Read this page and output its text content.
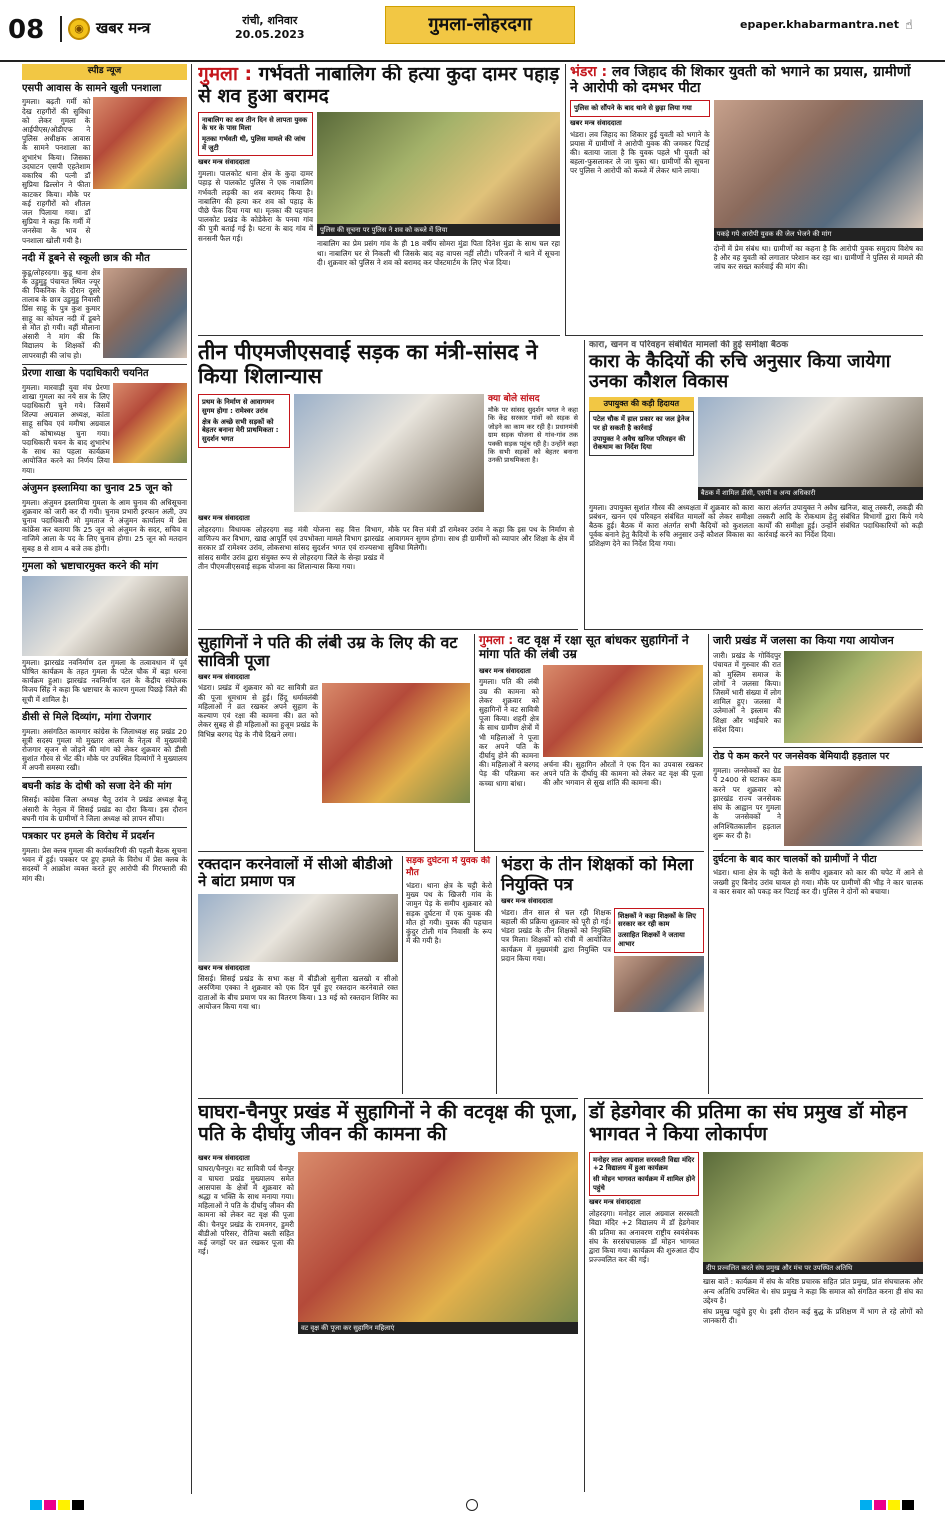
08	◉ खबर मन्त्र	रांची, शनिवार
20.05.2023	गुमला-लोहरदगा	epaper.khabarmantra.net ☝
स्पीड न्यूज
एसपी आवास के सामने खुली पनशाला
गुमला। बढ़ती गर्मी को देख राहगीरों की सुविधा को लेकर गुमला के आईपीएस/ओडीएफ ने पुलिस अधीक्षक आवास के सामने पनशाला का शुभारंभ किया। जिसका उदघाटन एसपी एहतेशाम वकारिब की पत्नी डॉ सुप्रिया ढिल्लोन ने फीता काटकर किया। मौके पर कई राहगीरों को शीतल जल पिलाया गया। डॉ सुप्रिया ने कहा कि गर्मी में जनसेवा के भाव से पनशाला खोली गयी है।
नदी में डूबने से स्कूली छात्र की मौत
कुडू/लोहरदगा। कुडू थाना क्षेत्र के उडुमुडु पंचायत स्थित ज्यूर की पिकनिक के दौरान दूसरे तालाब के छात्र उडुमुडु निवासी प्रिंस साहू के पुत्र कुश कुमार साहू का कोयल नदी में डूबने से मौत हो गयी। वहीं मौलाना अंसारी ने मांग की कि विद्यालय के शिक्षकों की लापरवाही की जांच हो।
प्रेरणा शाखा के पदाधिकारी चयनित
गुमला। मारवाड़ी युवा मंच प्रेरणा शाखा गुमला का नये सत्र के लिए पदाधिकारी चुने गये। जिसमें शिल्पा अग्रवाल अध्यक्ष, कांता साहू सचिव एवं ममीषा अग्रवाल को कोषाध्यक्ष चुना गया। पदाधिकारी चयन के बाद शुभारंभ के साथ का पहला कार्यक्रम आयोजित करने का निर्णय लिया गया।
अंजुमन इस्लामिया का चुनाव 25 जून को
गुमला। अंजुमन इस्लामिया गुमला के आम चुनाव की अधिसूचना शुक्रवार को जारी कर दी गयी। चुनाव प्रभारी इरफान अली, उप चुनाव पदाधिकारी मो मुमताज ने अंजुमन कार्यालय में प्रेस कांफ्रेंस कर बताया कि 25 जून को अंजुमन के सदर, सचिव व नाजिमे आला के पद के लिए चुनाव होगा। 25 जून को मतदान सुबह 8 से शाम 4 बजे तक होगी।
गुमला को भ्रष्टाचारमुक्त करने की मांग
गुमला। झारखंड नवनिर्माण दल गुमला के तत्वावधान में पूर्व घोषित कार्यक्रम के तहत गुमला के पटेल चौक में बड़ा धरना कार्यक्रम हुआ। झारखंड नवनिर्माण दल के केंद्रीय संयोजक विजय सिंह ने कहा कि भ्रष्टाचार के कारण गुमला पिछड़े जिले की सूची में शामिल है।
डीसी से मिले दिव्यांग, मांगा रोजगार
गुमला। असंगठित कामगार कांग्रेस के जिलाध्यक्ष सह प्रखंड 20 सूत्री सदस्य गुमला मो मुख्तार आलम के नेतृत्व में मुख्यमंत्री रोजगार सृजन से जोड़ने की मांग को लेकर शुक्रवार को डीसी सुशांत गौरव से भेंट की। मौके पर उपस्थित दिव्यांगों ने मुख्यालय में अपनी समस्या रखी।
बघनी कांड के दोषी को सजा देने की मांग
सिसई। कांग्रेस जिला अध्यक्ष चैतू उरांव ने प्रखंड अध्यक्ष बैजू अंसारी के नेतृत्व में सिसई प्रखंड का दौरा किया। इस दौरान बघनी गांव के ग्रामीणों ने जिला अध्यक्ष को ज्ञापन सौंपा।
पत्रकार पर हमले के विरोध में प्रदर्शन
गुमला। प्रेस क्लब गुमला की कार्यकारिणी की पहली बैठक सूचना भवन में हुई। पत्रकार पर हुए हमले के विरोध में प्रेस क्लब के सदस्यों ने आक्रोश व्यक्त करते हुए आरोपी की गिरफ्तारी की मांग की।
गुमला : गर्भवती नाबालिग की हत्या कुदा दामर पहाड़ से शव हुआ बरामद
नाबालिग का शव तीन दिन से लापता युवक के घर के पास मिला
मृतका गर्भवती थी, पुलिस मामले की जांच में जुटी
खबर मन्त्र संवाददाता
गुमला। पालकोट थाना क्षेत्र के कुदा दामर पहाड़ से पालकोट पुलिस ने एक नाबालिग गर्भवती लड़की का शव बरामद किया है। नाबालिग की हत्या कर शव को पहाड़ के पीछे फेंक दिया गया था। मृतका की पहचान पालकोट प्रखंड के कोडेकेरा के पनवा गांव की पुत्री बताई गई है। घटना के बाद गांव में सनसनी फैल गई।
पुलिस की सूचना पर पुलिस ने शव को कब्जे में लिया
नाबालिग का प्रेम प्रसंग गांव के ही 18 वर्षीय सोमरा मुंडा पिता दिनेश मुंडा के साथ चल रहा था। नाबालिग घर से निकली थी जिसके बाद वह वापस नहीं लौटी। परिजनों ने थाने में सूचना दी। शुक्रवार को पुलिस ने शव को बरामद कर पोस्टमार्टम के लिए भेज दिया।
भंडरा : लव जिहाद की शिकार युवती को भगाने का प्रयास, ग्रामीणों ने आरोपी को दमभर पीटा
पुलिस को सौंपने के बाद थाने से छुड़ा लिया गया
खबर मन्त्र संवाददाता
भंडरा। लव जिहाद का शिकार हुई युवती को भगाने के प्रयास में ग्रामीणों ने आरोपी युवक की जमकर पिटाई की। बताया जाता है कि युवक पहले भी युवती को बहला-फुसलाकर ले जा चुका था। ग्रामीणों की सूचना पर पुलिस ने आरोपी को कब्जे में लेकर थाने लाया।
पकड़े गये आरोपी युवक की जेल भेजने की मांग
दोनों में प्रेम संबंध था। ग्रामीणों का कहना है कि आरोपी युवक समुदाय विशेष का है और वह युवती को लगातार परेशान कर रहा था। ग्रामीणों ने पुलिस से मामले की जांच कर सख्त कार्रवाई की मांग की।
तीन पीएमजीएसवाई सड़क का मंत्री-सांसद ने किया शिलान्यास
प्रथम के निर्माण से आवागमन सुगम होगा : रामेश्वर उरांव
क्षेत्र के अच्छे सभी सड़कों को बेहतर बनाना मेरी प्राथमिकता : सुदर्शन भगत
क्या बोले सांसद
मौके पर सांसद सुदर्शन भगत ने कहा कि केंद्र सरकार गांवों को सड़क से जोड़ने का काम कर रही है। प्रधानमंत्री ग्राम सड़क योजना से गांव-गांव तक पक्की सड़क पहुंच रही है। उन्होंने कहा कि सभी सड़कों को बेहतर बनाना उनकी प्राथमिकता है।
खबर मन्त्र संवाददाता
लोहरदगा। विधायक लोहरदगा सह मंत्री योजना सह वित्त विभाग, वाणिज्य कर विभाग, खाद्य आपूर्ति एवं उपभोक्ता मामले विभाग झारखंड सरकार डॉ रामेश्वर उरांव, लोकसभा सांसद सुदर्शन भगत एवं राज्यसभा सांसद समीर उरांव द्वारा संयुक्त रूप से लोहरदगा जिले के सेन्हा प्रखंड में तीन पीएमजीएसवाई सड़क योजना का शिलान्यास किया गया।
मौके पर वित्त मंत्री डॉ रामेश्वर उरांव ने कहा कि इस पथ के निर्माण से आवागमन सुगम होगा। साथ ही ग्रामीणों को व्यापार और शिक्षा के क्षेत्र में सुविधा मिलेगी।
कारा, खनन व परिवहन संबंधित मामलों की हुई समीक्षा बैठक
कारा के कैदियों की रुचि अनुसार किया जायेगा उनका कौशल विकास
उपायुक्त की कड़ी हिदायत
पटेल चौक में हाल प्रकार का जल ड्रेनेज पर हो सकती है कार्रवाई
उपायुक्त ने अवैध खनिज परिवहन की रोकथाम का निर्देश दिया
बैठक में शामिल डीसी, एसपी व अन्य अधिकारी
गुमला। उपायुक्त सुशांत गौरव की अध्यक्षता में शुक्रवार को कारा प्रबंधन, खनन एवं परिवहन संबंधित मामलों को लेकर समीक्षा बैठक हुई। बैठक में कारा अंतर्गत सभी कैदियों को कुशलता पूर्वक बनाने हेतु कैदियों के रुचि अनुसार उन्हें कौशल विकास का प्रशिक्षण देने का निर्देश दिया गया।
कारा अंतर्गत उपायुक्त ने अवैध खनिज, बालू तस्करी, लकड़ी की तस्करी आदि के रोकथाम हेतु संबंधित विभागों द्वारा किये गये कार्यों की समीक्षा हुई। उन्होंने संबंधित पदाधिकारियों को कड़ी कार्रवाई करने का निर्देश दिया।
सुहागिनों ने पति की लंबी उम्र के लिए की वट सावित्री पूजा
खबर मन्त्र संवाददाता
भंडरा। प्रखंड में शुक्रवार को वट सावित्री व्रत की पूजा धूमधाम से हुई। हिंदू धर्मावलंबी महिलाओं ने व्रत रखकर अपने सुहाग के कल्याण एवं रक्षा की कामना की। व्रत को लेकर सुबह से ही महिलाओं का हुजूम प्रखंड के विभिन्न बरगद पेड़ के नीचे दिखने लगा।
गुमला : वट वृक्ष में रक्षा सूत बांधकर सुहागिनों ने मांगा पति की लंबी उम्र
खबर मन्त्र संवाददाता
गुमला। पति की लंबी उम्र की कामना को लेकर शुक्रवार को सुहागिनों ने वट सावित्री पूजा किया। शहरी क्षेत्र के साथ ग्रामीण क्षेत्रों में भी महिलाओं ने पूजा कर अपने पति के दीर्घायु होने की कामना की। महिलाओं ने बरगद पेड़ की परिक्रमा कर कच्चा धागा बांधा।
अर्चना की। सुहागिन औरतों ने एक दिन का उपवास रखकर अपने पति के दीर्घायु की कामना को लेकर वट वृक्ष की पूजा की और भगवान से सुख शांति की कामना की।
जारी प्रखंड में जलसा का किया गया आयोजन
जारी। प्रखंड के गोविंदपुर पंचायत में गुरुवार की रात को मुस्लिम समाज के लोगों ने जलसा किया। जिसमें भारी संख्या में लोग शामिल हुए। जलसा में उलेमाओं ने इस्लाम की शिक्षा और भाईचारे का संदेश दिया।
रोड पे कम करने पर जनसेवक बेमियादी हड़ताल पर
गुमला। जनसेवकों का ग्रेड पे 2400 से घटाकर कम करने पर शुक्रवार को झारखंड राज्य जनसेवक संघ के आह्वान पर गुमला के जनसेवकों ने अनिश्चितकालीन हड़ताल शुरू कर दी है।
दुर्घटना के बाद कार चालकों को ग्रामीणों ने पीटा
भंडरा। थाना क्षेत्र के चट्टी केरो के समीप शुक्रवार को कार की चपेट में आने से जख्मी हुए बिनोद उरांव घायल हो गया। मौके पर ग्रामीणों की भीड़ ने कार चालक व कार सवार को पकड़ कर पिटाई कर दी। पुलिस ने दोनों को बचाया।
रक्तदान करनेवालों में सीओ बीडीओ ने बांटा प्रमाण पत्र
खबर मन्त्र संवाददाता
सिसई। सिसई प्रखंड के सभा कक्ष में बीडीओ सुनीला खलखो व सीओ अरुणिमा एक्का ने शुक्रवार को एक दिन पूर्व हुए रक्तदान करनेवाले रक्त दाताओं के बीच प्रमाण पत्र का वितरण किया। 13 मई को रक्तदान शिविर का आयोजन किया गया था।
सड़क दुर्घटना में युवक की मौत
भंडरा। थाना क्षेत्र के चट्टी केरो मुख्य पथ के खिजरी गांव के जामुन पेड़ के समीप शुक्रवार को सड़क दुर्घटना में एक युवक की मौत हो गयी। युवक की पहचान कुंदुर टोली गांव निवासी के रूप में की गयी है।
भंडरा के तीन शिक्षकों को मिला नियुक्ति पत्र
खबर मन्त्र संवाददाता
भंडरा। तीन साल से चल रही शिक्षक बहाली की प्रक्रिया शुक्रवार को पूरी हो गई। भंडरा प्रखंड के तीन शिक्षकों को नियुक्ति पत्र मिला। शिक्षकों को रांची में आयोजित कार्यक्रम में मुख्यमंत्री द्वारा नियुक्ति पत्र प्रदान किया गया।
शिक्षकों ने कहा शिक्षकों के लिए सरकार कर रही काम
उत्साहित शिक्षकों ने जताया आभार
घाघरा-चैनपुर प्रखंड में सुहागिनों ने की वटवृक्ष की पूजा, पति के दीर्घायु जीवन की कामना की
खबर मन्त्र संवाददाता
घाघरा/चैनपुर। वट सावित्री पर्व चैनपुर व घाघरा प्रखंड मुख्यालय समेत आसपास के क्षेत्रों में शुक्रवार को श्रद्धा व भक्ति के साथ मनाया गया। महिलाओं ने पति के दीर्घायु जीवन की कामना को लेकर वट वृक्ष की पूजा की। चैनपुर प्रखंड के रामनगर, डुमरी बीडीओ परिसर, रौतिया बस्ती सहित कई जगहों पर व्रत रखकर पूजा की गई।
वट वृक्ष की पूजा कर सुहागिन महिलाएं
डॉ हेडगेवार की प्रतिमा का संघ प्रमुख डॉ मोहन भागवत ने किया लोकार्पण
मनोहर लाल अग्रवाल सरस्वती विद्या मंदिर +2 विद्यालय में हुआ कार्यक्रम
सी मोहन भागवत कार्यक्रम में शामिल होने पहुंचे
खबर मन्त्र संवाददाता
लोहरदगा। मनोहर लाल अग्रवाल सरस्वती विद्या मंदिर +2 विद्यालय में डॉ हेडगेवार की प्रतिमा का अनावरण राष्ट्रीय स्वयंसेवक संघ के सरसंघचालक डॉ मोहन भागवत द्वारा किया गया। कार्यक्रम की शुरुआत दीप प्रज्ज्वलित कर की गई।
दीप प्रज्वलित करते संघ प्रमुख और मंच पर उपस्थित अतिथि
खास बातें : कार्यक्रम में संघ के वरिष्ठ प्रचारक सहित प्रांत प्रमुख, प्रांत संघचालक और अन्य अतिथि उपस्थित थे। संघ प्रमुख ने कहा कि समाज को संगठित करना ही संघ का उद्देश्य है।
संघ प्रमुख पहुंचे हुए थे। इसी दौरान कई बुद्ध के प्रशिक्षण में भाग ले रहे लोगों को जानकारी दी।
